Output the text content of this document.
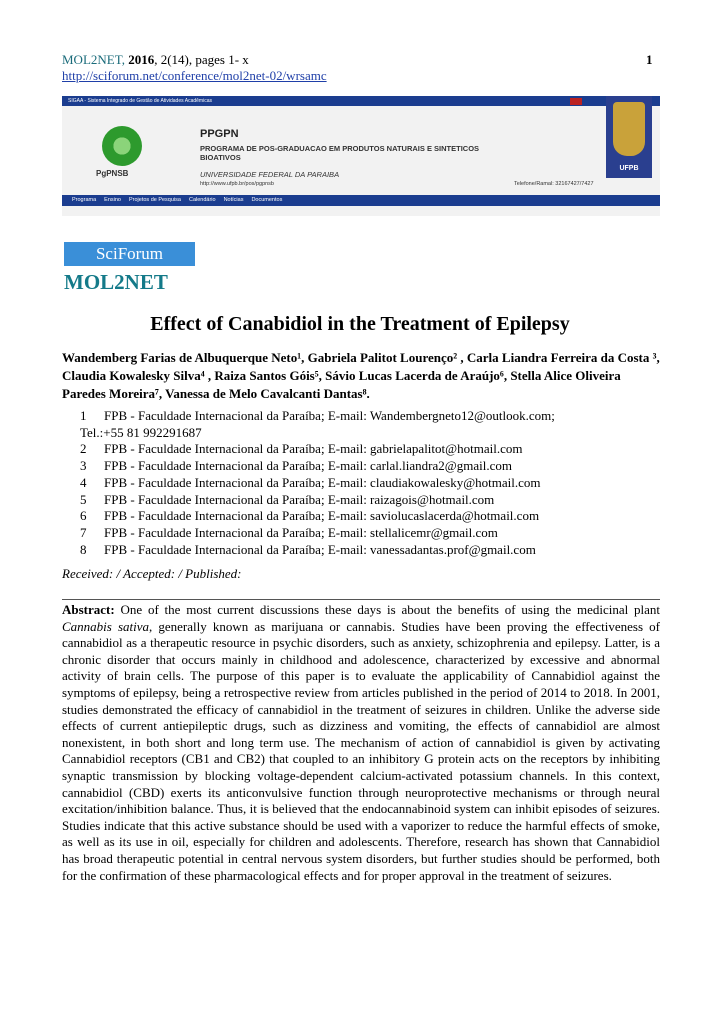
MOL2NET, 2016, 2(14), pages 1- x
http://sciforum.net/conference/mol2net-02/wrsamc
1
SIGAA - Sistema Integrado de Gestão de Atividades Acadêmicas
UFPB
PgPNSB
PPGPN
PROGRAMA DE POS-GRADUACAO EM PRODUTOS NATURAIS E SINTETICOS
BIOATIVOS
UNIVERSIDADE FEDERAL DA PARAIBA
http://www.ufpb.br/pos/pgpnsb	Telefone/Ramal: 32167427/7427
Programa Ensino Projetos de Pesquisa Calendário Notícias Documentos
SciForum
MOL2NET
Effect of Canabidiol in the Treatment of Epilepsy
Wandemberg Farias de Albuquerque Neto¹, Gabriela Palitot Lourenço² , Carla Liandra Ferreira da Costa ³, Claudia Kowalesky Silva⁴ , Raiza Santos Góis⁵, Sávio Lucas Lacerda de Araújo⁶, Stella Alice Oliveira Paredes Moreira⁷, Vanessa de Melo Cavalcanti Dantas⁸.
1	FPB - Faculdade Internacional da Paraíba; E-mail: Wandembergneto12@outlook.com;
Tel.:+55 81 992291687
2	FPB - Faculdade Internacional da Paraíba; E-mail: gabrielapalitot@hotmail.com
3	FPB - Faculdade Internacional da Paraíba; E-mail: carlal.liandra2@gmail.com
4	FPB - Faculdade Internacional da Paraíba; E-mail: claudiakowalesky@hotmail.com
5	FPB - Faculdade Internacional da Paraíba; E-mail: raizagois@hotmail.com
6	FPB - Faculdade Internacional da Paraíba; E-mail: saviolucaslacerda@hotmail.com
7	FPB - Faculdade Internacional da Paraíba; E-mail: stellalicemr@gmail.com
8	FPB - Faculdade Internacional da Paraíba; E-mail: vanessadantas.prof@gmail.com
Received: / Accepted: / Published:
Abstract: One of the most current discussions these days is about the benefits of using the medicinal plant Cannabis sativa, generally known as marijuana or cannabis. Studies have been proving the effectiveness of cannabidiol as a therapeutic resource in psychic disorders, such as anxiety, schizophrenia and epilepsy. Latter, is a chronic disorder that occurs mainly in childhood and adolescence, characterized by excessive and abnormal activity of brain cells. The purpose of this paper is to evaluate the applicability of Cannabidiol against the symptoms of epilepsy, being a retrospective review from articles published in the period of 2014 to 2018. In 2001, studies demonstrated the efficacy of cannabidiol in the treatment of seizures in children. Unlike the adverse side effects of current antiepileptic drugs, such as dizziness and vomiting, the effects of cannabidiol are almost nonexistent, in both short and long term use. The mechanism of action of cannabidiol is given by activating Cannabidiol receptors (CB1 and CB2) that coupled to an inhibitory G protein acts on the receptors by inhibiting synaptic transmission by blocking voltage-dependent calcium-activated potassium channels. In this context, cannabidiol (CBD) exerts its anticonvulsive function through neuroprotective mechanisms or through neural excitation/inhibition balance. Thus, it is believed that the endocannabinoid system can inhibit episodes of seizures. Studies indicate that this active substance should be used with a vaporizer to reduce the harmful effects of smoke, as well as its use in oil, especially for children and adolescents. Therefore, research has shown that Cannabidiol has broad therapeutic potential in central nervous system disorders, but further studies should be performed, both for the confirmation of these pharmacological effects and for proper approval in the treatment of seizures.
